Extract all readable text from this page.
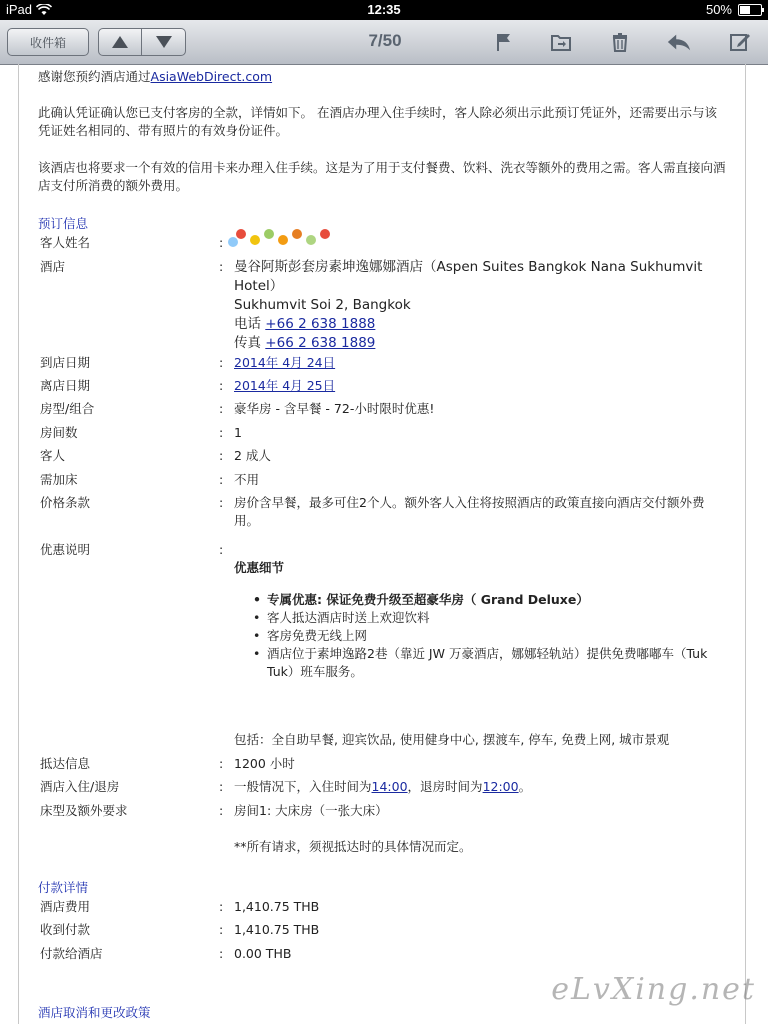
iPad	12:35	50%
收件箱	7/50
感谢您预约酒店通过AsiaWebDirect.com
此确认凭证确认您已支付客房的全款，详情如下。 在酒店办理入住手续时，客人除必须出示此预订凭证外，还需要出示与该凭证姓名相同的、带有照片的有效身份证件。
该酒店也将要求一个有效的信用卡来办理入住手续。这是为了用于支付餐费、饮料、洗衣等额外的费用之需。客人需直接向酒店支付所消费的额外费用。
预订信息
客人姓名	:
酒店	: 曼谷阿斯彭套房素坤逸娜娜酒店（Aspen Suites Bangkok Nana Sukhumvit Hotel）
Sukhumvit Soi 2, Bangkok
电话 +66 2 638 1888
传真 +66 2 638 1889
到店日期	: 2014年 4月 24日
离店日期	: 2014年 4月 25日
房型/组合	: 豪华房 - 含早餐 - 72-小时限时优惠!
房间数	: 1
客人	: 2 成人
需加床	: 不用
价格条款	: 房价含早餐，最多可住2个人。额外客人入住将按照酒店的政策直接向酒店交付额外费用。
优惠说明	:
优惠细节
• 专属优惠: 保证免费升级至超豪华房（ Grand Deluxe）
• 客人抵达酒店时送上欢迎饮料
• 客房免费无线上网
• 酒店位于素坤逸路2巷（靠近 JW 万豪酒店，娜娜轻轨站）提供免费嘟嘟车（Tuk Tuk）班车服务。
包括：全自助早餐, 迎宾饮品, 使用健身中心, 摆渡车, 停车, 免费上网, 城市景观
抵达信息	: 1200 小时
酒店入住/退房	: 一般情况下，入住时间为14:00，退房时间为12:00。
床型及额外要求	: 房间1: 大床房（一张大床）
**所有请求，须视抵达时的具体情况而定。
付款详情
酒店费用	: 1,410.75 THB
收到付款	: 1,410.75 THB
付款给酒店	: 0.00 THB
酒店取消和更改政策
eLvXing.net
